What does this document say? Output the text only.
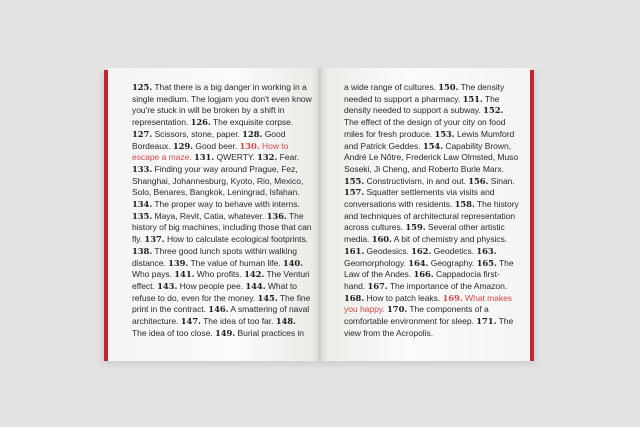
125. That there is a big danger in working in a single medium. The logjam you don't even know you're stuck in will be broken by a shift in representation. 126. The exquisite corpse. 127. Scissors, stone, paper. 128. Good Bordeaux. 129. Good beer. 130. How to escape a maze. 131. QWERTY. 132. Fear. 133. Finding your way around Prague, Fez, Shanghai, Johannesburg, Kyoto, Rio, Mexico, Solo, Benares, Bangkok, Leningrad, Isfahan. 134. The proper way to behave with interns. 135. Maya, Revit, Catia, whatever. 136. The history of big machines, including those that can fly. 137. How to calculate ecological footprints. 138. Three good lunch spots within walking distance. 139. The value of human life. 140. Who pays. 141. Who profits. 142. The Venturi effect. 143. How people pee. 144. What to refuse to do, even for the money. 145. The fine print in the contract. 146. A smattering of naval architecture. 147. The idea of too far. 148. The idea of too close. 149. Burial practices in
a wide range of cultures. 150. The density needed to support a pharmacy. 151. The density needed to support a subway. 152. The effect of the design of your city on food miles for fresh produce. 153. Lewis Mumford and Patrick Geddes. 154. Capability Brown, André Le Nôtre, Frederick Law Olmsted, Muso Soseki, Ji Cheng, and Roberto Burle Marx. 155. Constructivism, in and out. 156. Sinan. 157. Squatter settlements via visits and conversations with residents. 158. The history and techniques of architectural representation across cultures. 159. Several other artistic media. 160. A bit of chemistry and physics. 161. Geodesics. 162. Geodetics. 163. Geomorphology. 164. Geography. 165. The Law of the Andes. 166. Cappadocia first-hand. 167. The importance of the Amazon. 168. How to patch leaks. 169. What makes you happy. 170. The components of a comfortable environment for sleep. 171. The view from the Acropolis.
